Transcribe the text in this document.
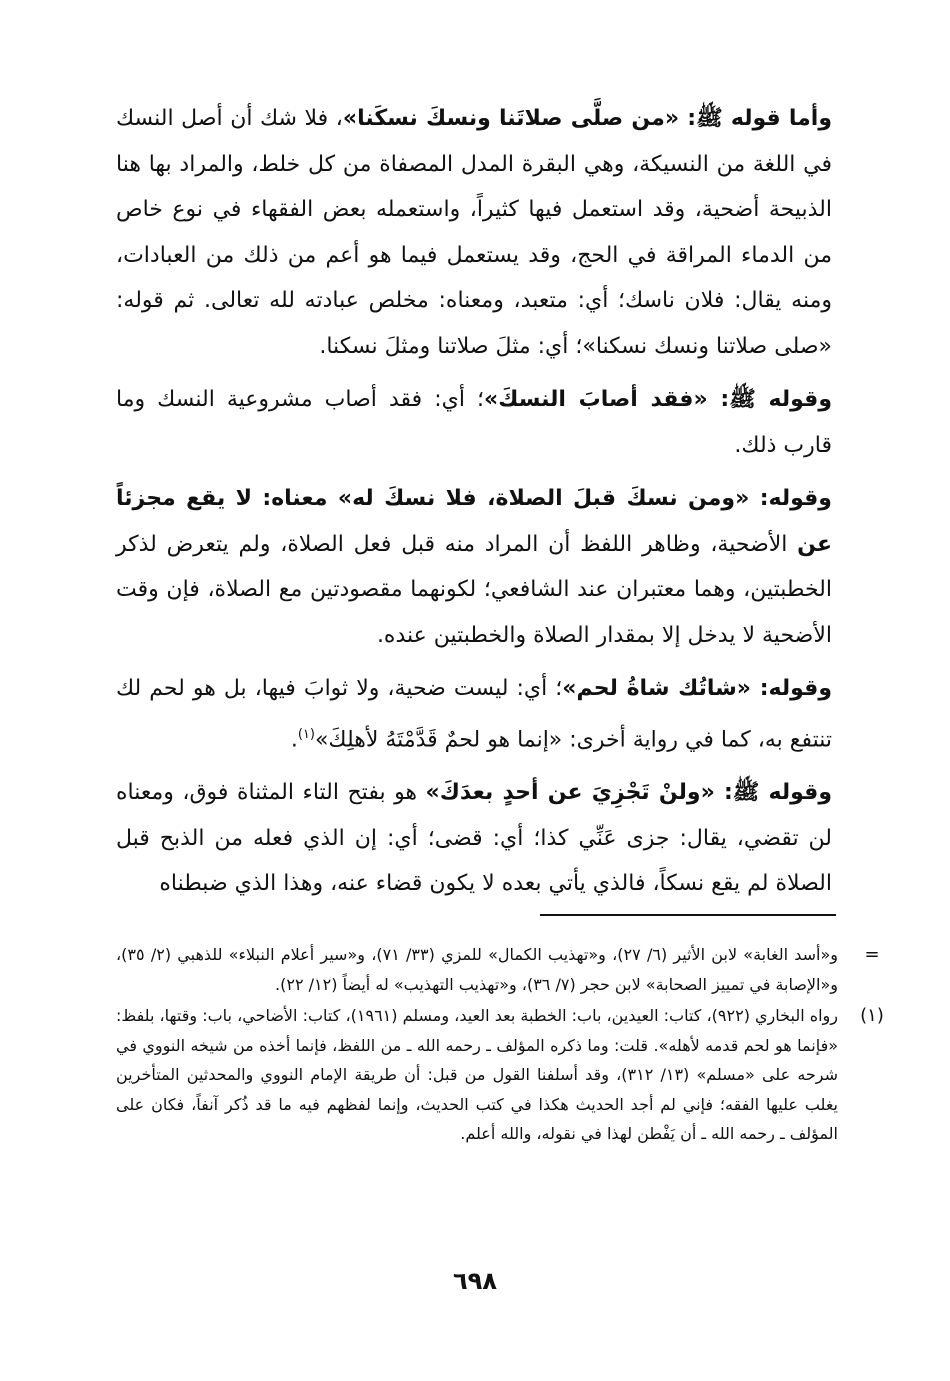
وأما قوله ﷺ: «من صلَّى صلاتَنا ونسكَ نسكَنا»، فلا شك أن أصل النسك في اللغة من النسيكة، وهي البقرة المدل المصفاة من كل خلط، والمراد بها هنا الذبيحة أضحية، وقد استعمل فيها كثيراً، واستعمله بعض الفقهاء في نوع خاص من الدماء المراقة في الحج، وقد يستعمل فيما هو أعم من ذلك من العبادات، ومنه يقال: فلان ناسك؛ أي: متعبد، ومعناه: مخلص عبادته لله تعالى. ثم قوله: «صلى صلاتنا ونسك نسكنا»؛ أي: مثلَ صلاتنا ومثلَ نسكنا.

وقوله ﷺ: «فقد أصابَ النسكَ»؛ أي: فقد أصاب مشروعية النسك وما قارب ذلك.

وقوله: «ومن نسكَ قبلَ الصلاة، فلا نسكَ له» معناه: لا يقع مجزئاً عن الأضحية، وظاهر اللفظ أن المراد منه قبل فعل الصلاة، ولم يتعرض لذكر الخطبتين، وهما معتبران عند الشافعي؛ لكونهما مقصودتين مع الصلاة، فإن وقت الأضحية لا يدخل إلا بمقدار الصلاة والخطبتين عنده.

وقوله: «شاتُك شاةُ لحم»؛ أي: ليست ضحية، ولا ثوابَ فيها، بل هو لحم لك تنتفع به، كما في رواية أخرى: «إنما هو لحمٌ قَدَّمْتَهُ لأهلِكَ»$^{(١)}$.

وقوله ﷺ: «ولنْ تَجْزِيَ عن أحدٍ بعدَكَ» هو بفتح التاء المثناة فوق، ومعناه لن تقضي، يقال: جزى عَنِّي كذا؛ أي: قضى؛ أي: إن الذي فعله من الذبح قبل الصلاة لم يقع نسكاً، فالذي يأتي بعده لا يكون قضاء عنه، وهذا الذي ضبطناه

=
و«أسد الغابة» لابن الأثير (٦/ ٢٧)، و«تهذيب الكمال» للمزي (٣٣/ ٧١)، و«سير أعلام النبلاء» للذهبي (٢/ ٣٥)، و«الإصابة في تمييز الصحابة» لابن حجر (٧/ ٣٦)، و«تهذيب التهذيب» له أيضاً (١٢/ ٢٢).
(١)
رواه البخاري (٩٢٢)، كتاب: العيدين، باب: الخطبة بعد العيد، ومسلم (١٩٦١)، كتاب: الأضاحي، باب: وقتها، بلفظ: «فإنما هو لحم قدمه لأهله». قلت: وما ذكره المؤلف ـ رحمه الله ـ من اللفظ، فإنما أخذه من شيخه النووي في شرحه على «مسلم» (١٣/ ٣١٢)، وقد أسلفنا القول من قبل: أن طريقة الإمام النووي والمحدثين المتأخرين يغلب عليها الفقه؛ فإني لم أجد الحديث هكذا في كتب الحديث، وإنما لفظهم فيه ما قد ذُكر آنفاً، فكان على المؤلف ـ رحمه الله ـ أن يَفْطن لهذا في نقوله، والله أعلم.
٦٩٨
